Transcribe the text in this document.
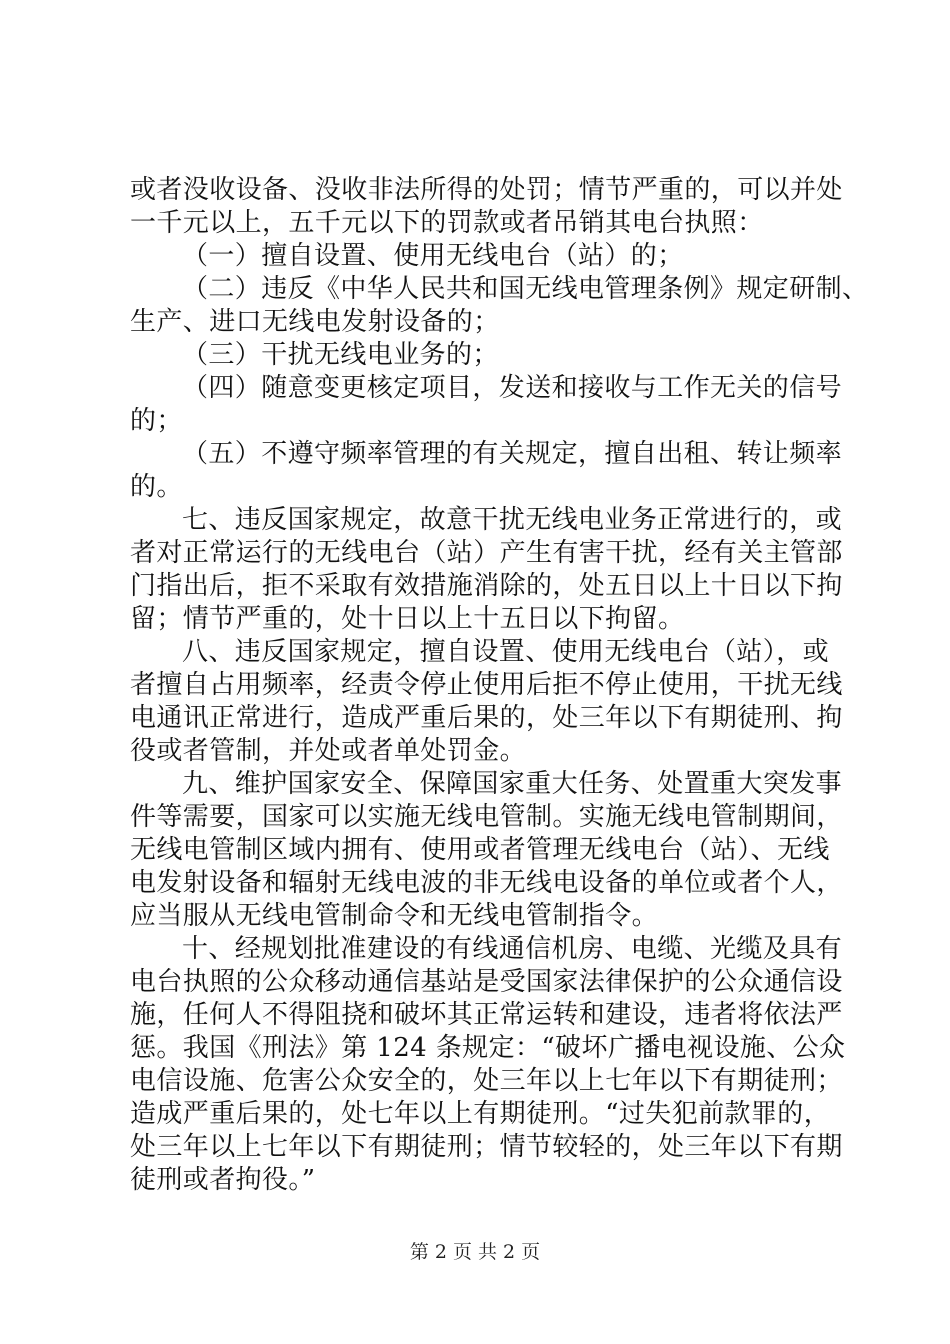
或者没收设备、没收非法所得的处罚；情节严重的，可以并处
一千元以上，五千元以下的罚款或者吊销其电台执照：
（一）擅自设置、使用无线电台（站）的；
（二）违反《中华人民共和国无线电管理条例》规定研制、
生产、进口无线电发射设备的；
（三）干扰无线电业务的；
（四）随意变更核定项目，发送和接收与工作无关的信号
的；
（五）不遵守频率管理的有关规定，擅自出租、转让频率
的。
七、违反国家规定，故意干扰无线电业务正常进行的，或
者对正常运行的无线电台（站）产生有害干扰，经有关主管部
门指出后，拒不采取有效措施消除的，处五日以上十日以下拘
留；情节严重的，处十日以上十五日以下拘留。
八、违反国家规定，擅自设置、使用无线电台（站），或
者擅自占用频率，经责令停止使用后拒不停止使用，干扰无线
电通讯正常进行，造成严重后果的，处三年以下有期徒刑、拘
役或者管制，并处或者单处罚金。
九、维护国家安全、保障国家重大任务、处置重大突发事
件等需要，国家可以实施无线电管制。实施无线电管制期间，
无线电管制区域内拥有、使用或者管理无线电台（站）、无线
电发射设备和辐射无线电波的非无线电设备的单位或者个人，
应当服从无线电管制命令和无线电管制指令。
十、经规划批准建设的有线通信机房、电缆、光缆及具有
电台执照的公众移动通信基站是受国家法律保护的公众通信设
施，任何人不得阻挠和破坏其正常运转和建设，违者将依法严
惩。我国《刑法》第 124 条规定：“破坏广播电视设施、公众
电信设施、危害公众安全的，处三年以上七年以下有期徒刑；
造成严重后果的，处七年以上有期徒刑。“过失犯前款罪的，
处三年以上七年以下有期徒刑；情节较轻的，处三年以下有期
徒刑或者拘役。”
第 2 页 共 2 页
